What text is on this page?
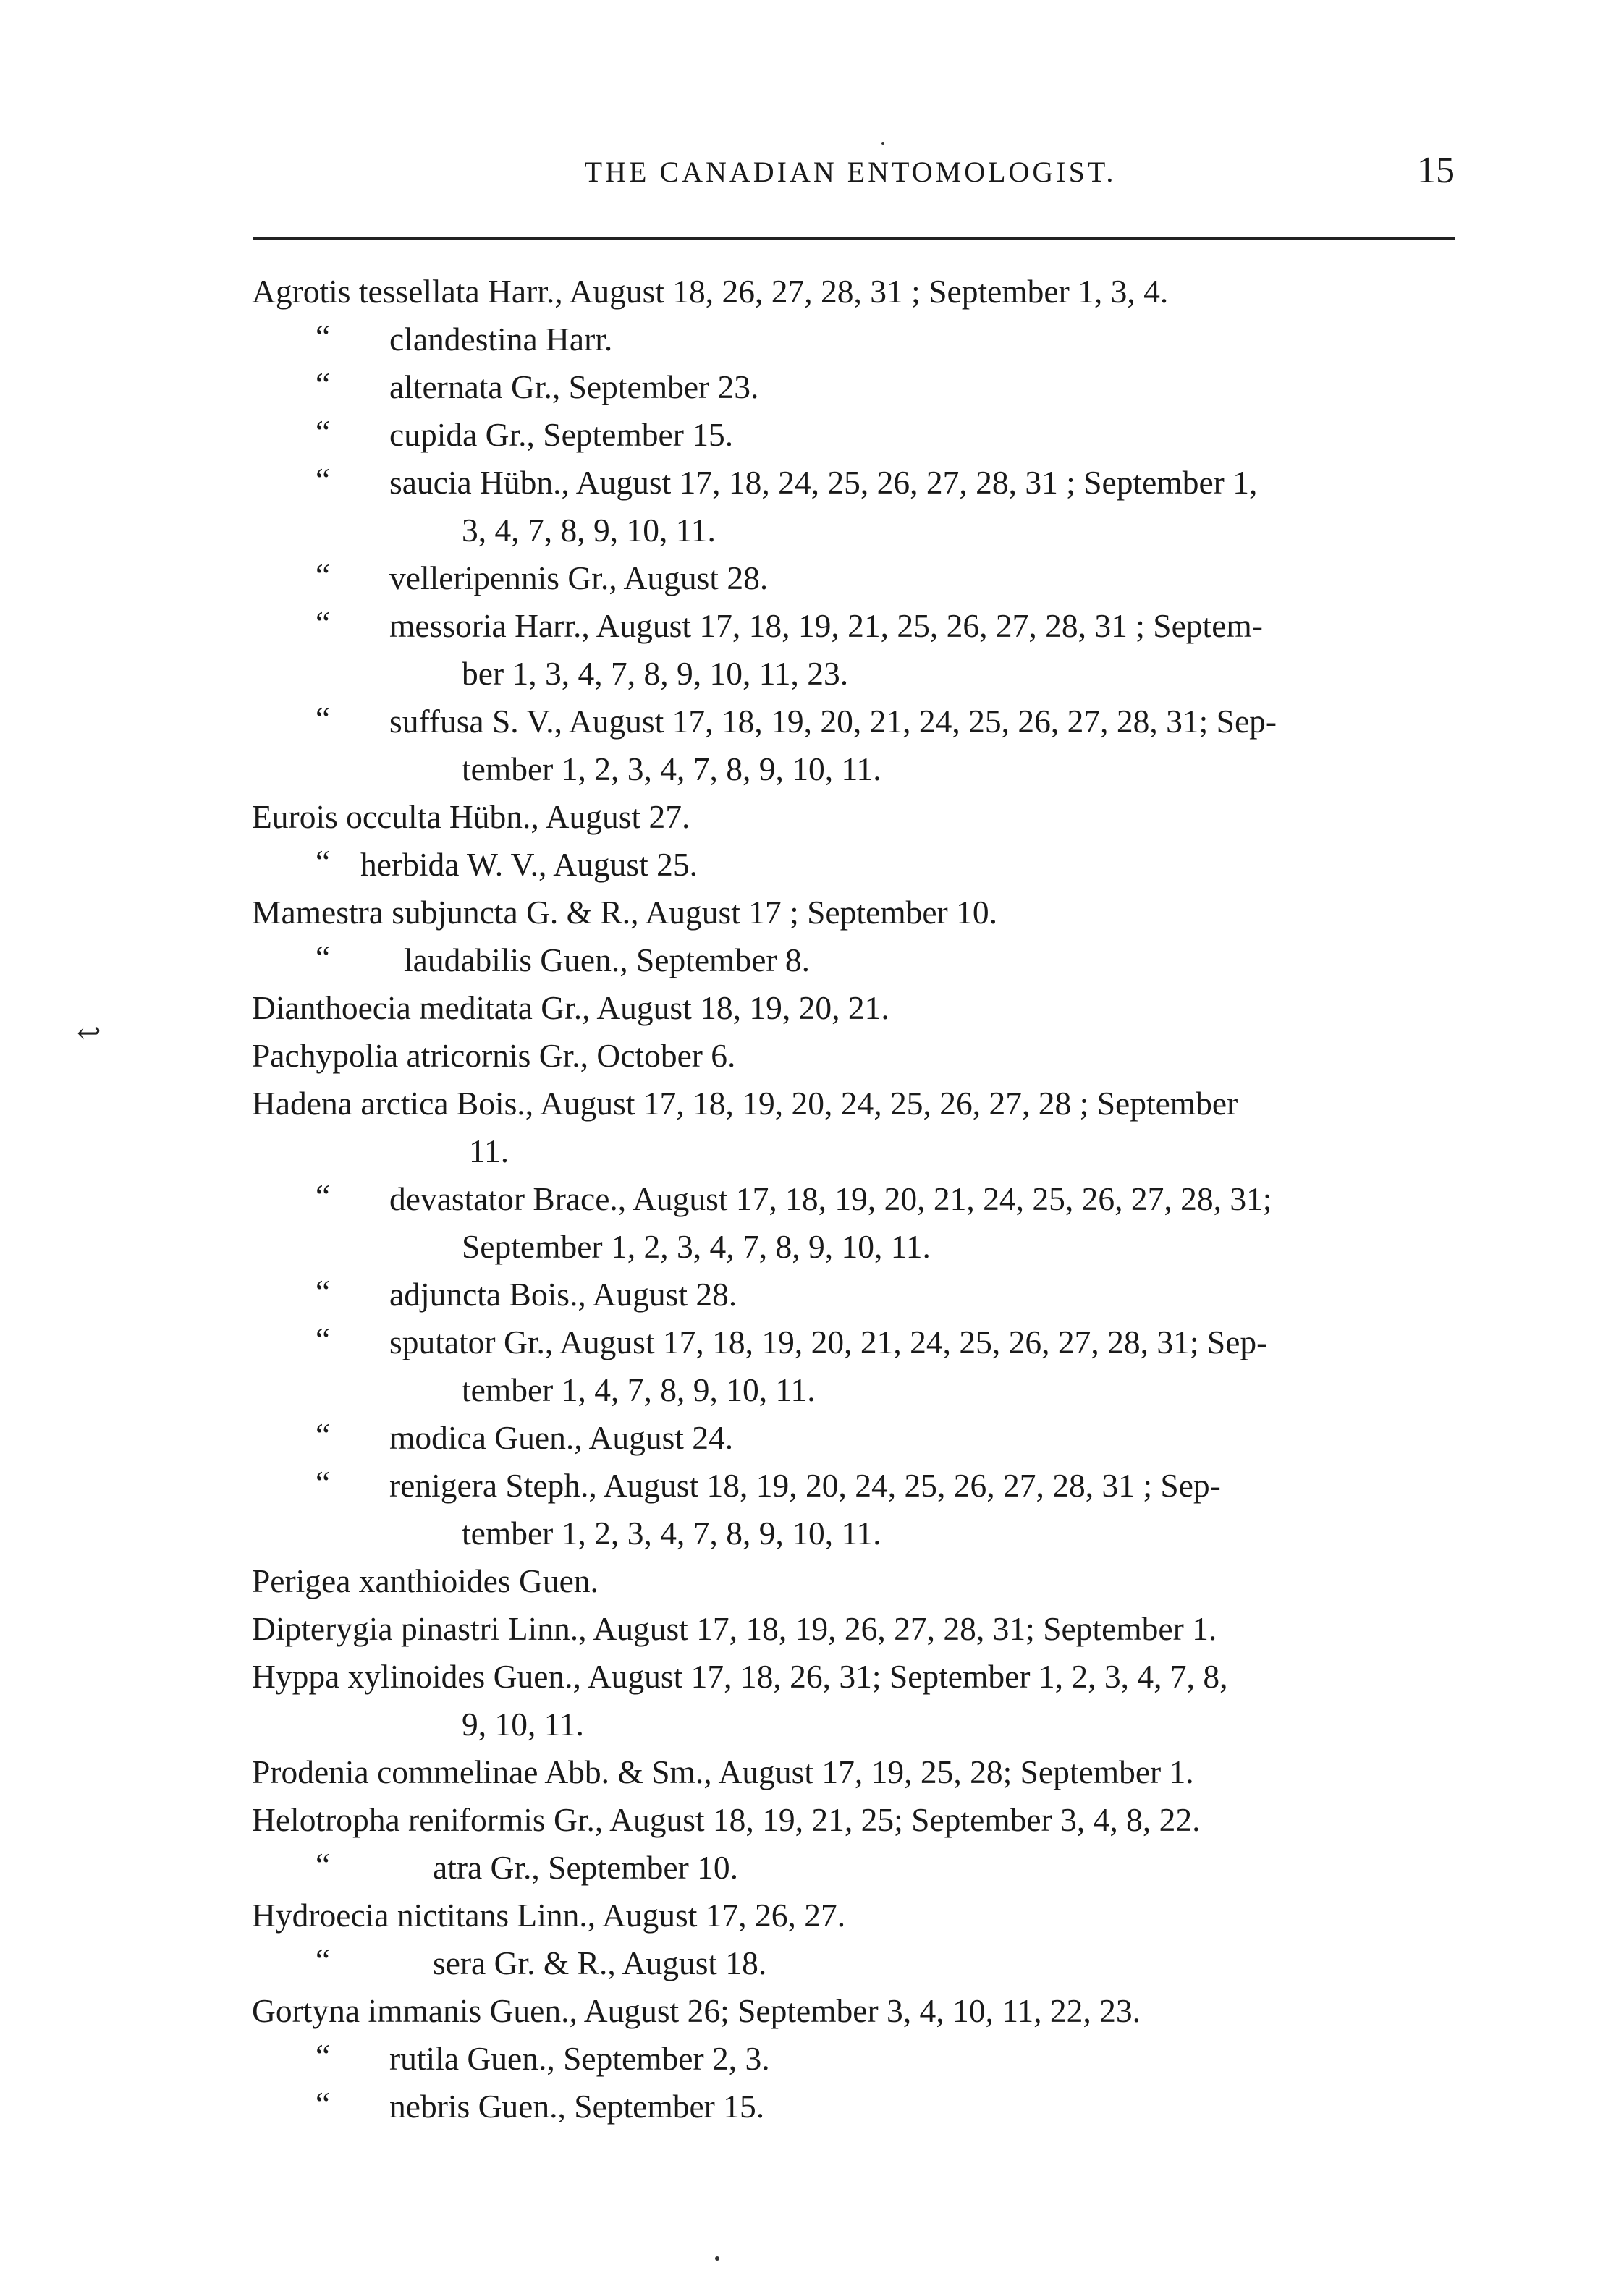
THE CANADIAN ENTOMOLOGIST.	15
Agrotis tessellata Harr., August 18, 26, 27, 28, 31 ; September 1, 3, 4.
“ clandestina Harr.
“ alternata Gr., September 23.
“ cupida Gr., September 15.
“ saucia Hübn., August 17, 18, 24, 25, 26, 27, 28, 31 ; September 1,
3, 4, 7, 8, 9, 10, 11.
“ velleripennis Gr., August 28.
“ messoria Harr., August 17, 18, 19, 21, 25, 26, 27, 28, 31 ; Septem-
ber 1, 3, 4, 7, 8, 9, 10, 11, 23.
“ suffusa S. V., August 17, 18, 19, 20, 21, 24, 25, 26, 27, 28, 31; Sep-
tember 1, 2, 3, 4, 7, 8, 9, 10, 11.
Eurois occulta Hübn., August 27.
“ herbida W. V., August 25.
Mamestra subjuncta G. & R., August 17 ; September 10.
“ laudabilis Guen., September 8.
Dianthoecia meditata Gr., August 18, 19, 20, 21.
Pachypolia atricornis Gr., October 6.
Hadena arctica Bois., August 17, 18, 19, 20, 24, 25, 26, 27, 28 ; September
11.
“ devastator Brace., August 17, 18, 19, 20, 21, 24, 25, 26, 27, 28, 31;
September 1, 2, 3, 4, 7, 8, 9, 10, 11.
“ adjuncta Bois., August 28.
“ sputator Gr., August 17, 18, 19, 20, 21, 24, 25, 26, 27, 28, 31; Sep-
tember 1, 4, 7, 8, 9, 10, 11.
“ modica Guen., August 24.
“ renigera Steph., August 18, 19, 20, 24, 25, 26, 27, 28, 31 ; Sep-
tember 1, 2, 3, 4, 7, 8, 9, 10, 11.
Perigea xanthioides Guen.
Dipterygia pinastri Linn., August 17, 18, 19, 26, 27, 28, 31; September 1.
Hyppa xylinoides Guen., August 17, 18, 26, 31; September 1, 2, 3, 4, 7, 8,
9, 10, 11.
Prodenia commelinae Abb. & Sm., August 17, 19, 25, 28; September 1.
Helotropha reniformis Gr., August 18, 19, 21, 25; September 3, 4, 8, 22.
“	atra Gr., September 10.
Hydroecia nictitans Linn., August 17, 26, 27.
“	sera Gr. & R., August 18.
Gortyna immanis Guen., August 26; September 3, 4, 10, 11, 22, 23.
“ rutila Guen., September 2, 3.
“ nebris Guen., September 15.
↩
